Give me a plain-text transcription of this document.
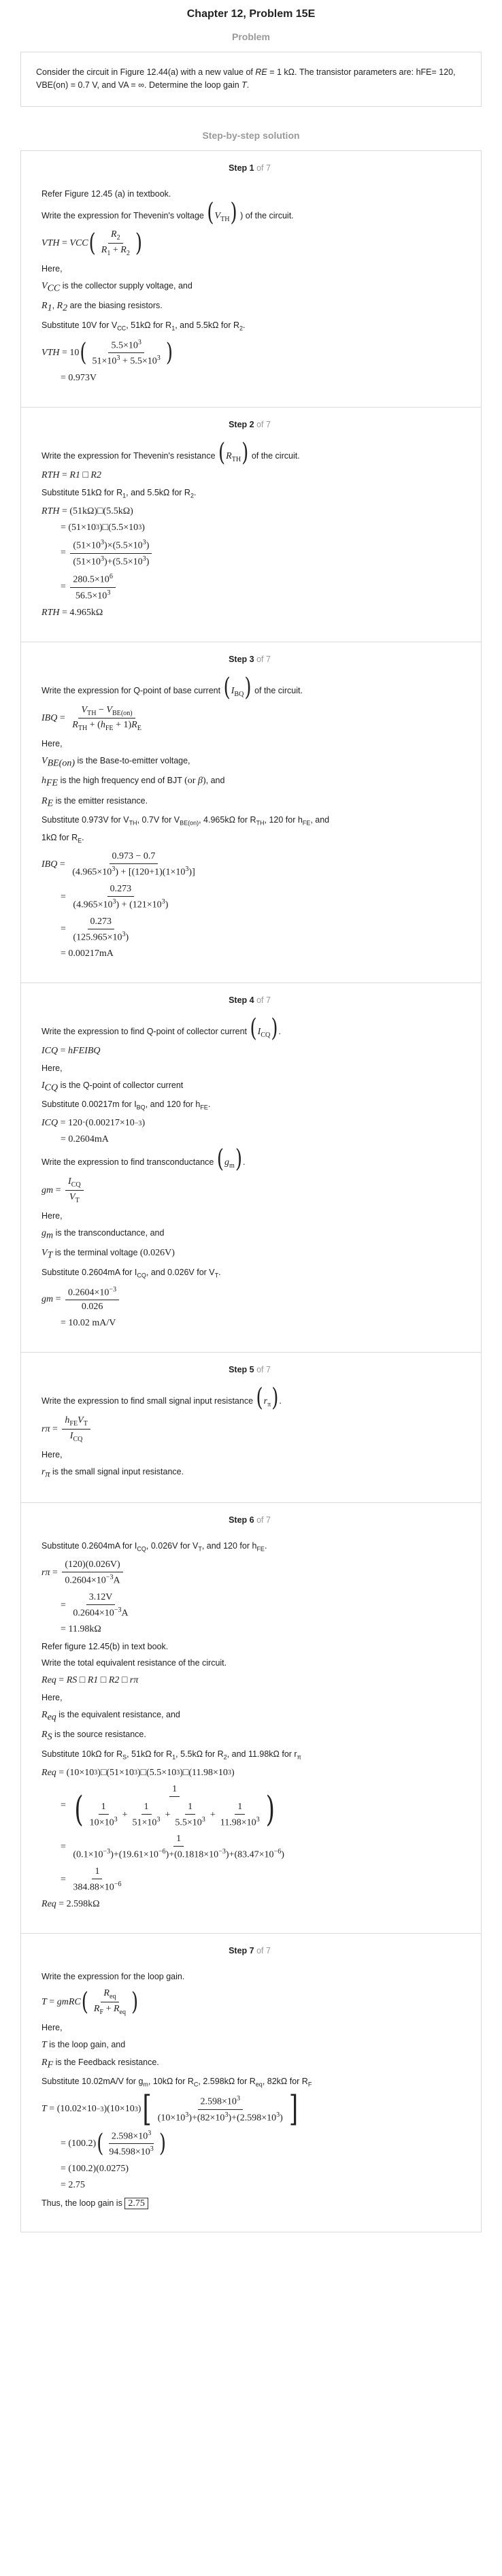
Chapter 12, Problem 15E
Problem
Consider the circuit in Figure 12.44(a) with a new value of RE = 1 kΩ. The transistor parameters are: hFE= 120, VBE(on) = 0.7 V, and VA = ∞. Determine the loop gain T.
Step-by-step solution
Step 1 of 7
Refer Figure 12.45 (a) in textbook.
Write the expression for Thevenin's voltage $(V_{TH})$ ) of the circuit.
V TH = V CC ( $\frac{R_2}{R_1 + R_2}$ )
Here,
$V_{CC}$ is the collector supply voltage, and
$R_1$, $R_2$ are the biasing resistors.
Substitute 10V for $V_{CC}$, 51kΩ for $R_1$, and 5.5kΩ for $R_2$.
V TH = 10 ( $\frac{5.5\times 10^3}{51\times 10^3 + 5.5\times 10^3}$ )
= 0.973V
Step 2 of 7
Write the expression for Thevenin's resistance $(R_{TH})$ of the circuit.
R TH = R 1 □ R 2
Substitute 51kΩ for $R_1$, and 5.5kΩ for $R_2$.
R TH = (51kΩ)□(5.5kΩ)
= (51×10 3 )□(5.5×10 3 )
= $\frac{(51\times 10^3)\times(5.5\times 10^3)}{(51\times 10^3)+(5.5\times 10^3)}$
= $\frac{280.5\times 10^6}{56.5\times 10^3}$
R TH
= 4.965kΩ
Step 3 of 7
Write the expression for Q-point of base current $(I_{BQ})$ of the circuit.
I BQ = $\frac{V_{TH} - V_{BE(on)}}{R_{TH} + (h_{FE} + 1)R_E}$
Here,
$V_{BE(on)}$ is the Base-to-emitter voltage,
$h_{FE}$ is the high frequency end of BJT (or β), and
$R_E$ is the emitter resistance.
Substitute 0.973V for $V_{TH}$, 0.7V for $V_{BE(on)}$, 4.965kΩ for $R_{TH}$, 120 for $h_{FE}$, and
1kΩ for $R_E$.
I BQ = $\frac{0.973 - 0.7}{(4.965\times 10^3) + [(120+1)(1\times 10^3)]}$
= $\frac{0.273}{(4.965\times 10^3) + (121\times 10^3)}$
= $\frac{0.273}{(125.965\times 10^3)}$
= 0.00217mA
Step 4 of 7
Write the expression to find Q-point of collector current $(I_{CQ})$.
I CQ = h FE I BQ
Here,
$I_{CQ}$ is the Q-point of collector current
Substitute 0.00217m for $I_{BQ}$, and 120 for $h_{FE}$.
I CQ = 120·(0.00217×10 −3 )
= 0.2604mA
Write the expression to find transconductance $(g_m)$.
g $m = \frac{I_{CQ}}{V_T}$
Here,
$g_m$ is the transconductance, and
$V_T$ is the terminal voltage (0.026V)
Substitute 0.2604mA for $I_{CQ}$, and 0.026V for $V_T$.
g $m = \frac{0.2604\times 10^{-3}}{0.026}$
= 10.02 mA/V
Step 5 of 7
Write the expression to find small signal input resistance $(r_\pi)$.
r $\pi = \frac{h_{FE}V_T}{I_{CQ}}$
Here,
$r_\pi$ is the small signal input resistance.
Step 6 of 7
Substitute 0.2604mA for $I_{CQ}$, 0.026V for $V_T$, and 120 for $h_{FE}$.
r $\pi = \frac{(120)(0.026V)}{0.2604\times 10^{-3}A}$
= $\frac{3.12V}{0.2604\times 10^{-3}A}$
= 11.98kΩ
Refer figure 12.45(b) in text book.
Write the total equivalent resistance of the circuit.
R eq = R S □ R 1 □ R 2 □ r π
Here,
$R_{eq}$ is the equivalent resistance, and
$R_S$ is the source resistance.
Substitute 10kΩ for $R_S$, 51kΩ for $R_1$, 5.5kΩ for $R_2$, and 11.98kΩ for $r_\pi$
R eq = (10×10 3 )□(51×10 3 )□(5.5×10 3 )□(11.98×10 3 )
= $\frac{1}{( \frac{1}{10\times 10^3} + \frac{1}{51\times 10^3} + \frac{1}{5.5\times 10^3} + \frac{1}{11.98\times 10^3} )}$
= $\frac{1}{(0.1\times 10^{-3})+(19.61\times 10^{-6})+(0.1818\times 10^{-3})+(83.47\times 10^{-6})}$
= $\frac{1}{384.88\times 10^{-6}}$
R eq
= 2.598kΩ
Step 7 of 7
Write the expression for the loop gain.
T = g m R C ( $\frac{R_{eq}}{R_F + R_{eq}}$ )
Here,
T is the loop gain, and
$R_F$ is the Feedback resistance.
Substitute 10.02mA/V for $g_m$, 10kΩ for $R_C$, 2.598kΩ for $R_{eq}$, 82kΩ for $R_F$
T = (10.02×10 −3 )(10×10 3 ) [ $\frac{2.598\times 10^3}{(10\times 10^3)+(82\times 10^3)+(2.598\times 10^3)}$ ]
= (100.2) ( $\frac{2.598\times 10^3}{94.598\times 10^3}$ )
= (100.2)(0.0275)
= 2.75
Thus, the loop gain is 2.75
